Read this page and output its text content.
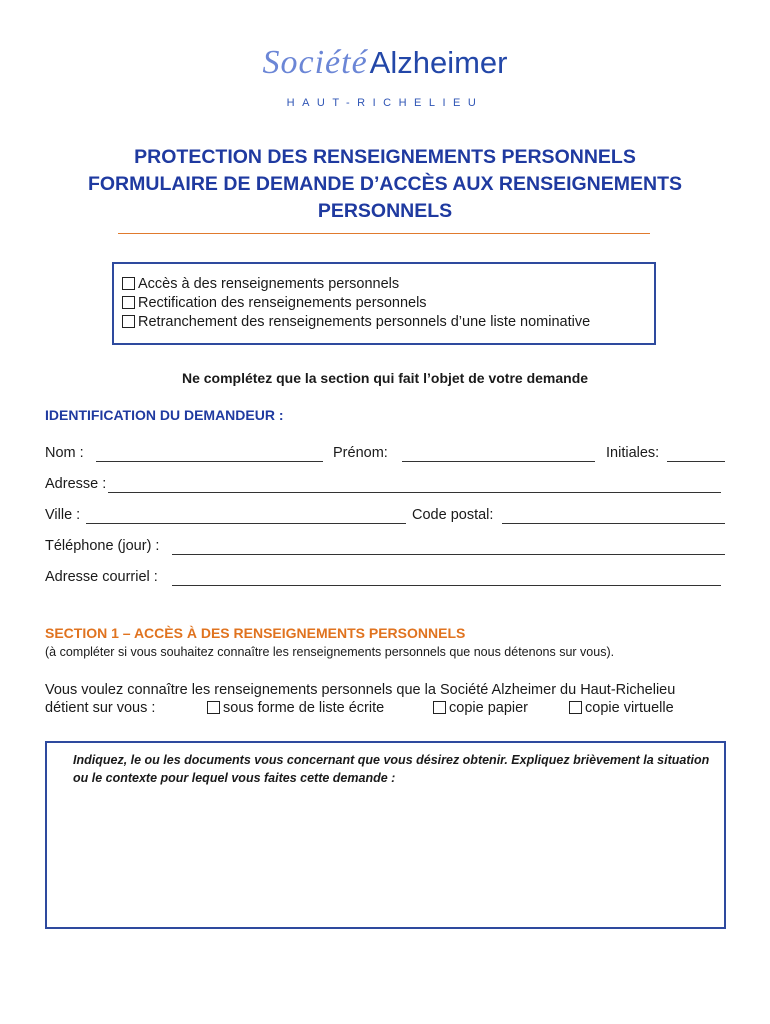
SociétéAlzheimer
HAUT-RICHELIEU
PROTECTION DES RENSEIGNEMENTS PERSONNELS
FORMULAIRE DE DEMANDE D’ACCÈS AUX RENSEIGNEMENTS
PERSONNELS
Accès à des renseignements personnels
Rectification des renseignements personnels
Retranchement des renseignements personnels d’une liste nominative
Ne complétez que la section qui fait l’objet de votre demande
IDENTIFICATION DU DEMANDEUR :
Nom :	Prénom:	Initiales:
Adresse :
Ville :	Code postal:
Téléphone (jour) :
Adresse courriel :
SECTION 1 – ACCÈS À DES RENSEIGNEMENTS PERSONNELS
(à compléter si vous souhaitez connaître les renseignements personnels que nous détenons sur vous).
Vous voulez connaître les renseignements personnels que la Société Alzheimer du Haut-Richelieu
détient sur vous :	sous forme de liste écrite	copie papier	copie virtuelle
Indiquez, le ou les documents vous concernant que vous désirez obtenir. Expliquez brièvement la situation ou le contexte pour lequel vous faites cette demande :
